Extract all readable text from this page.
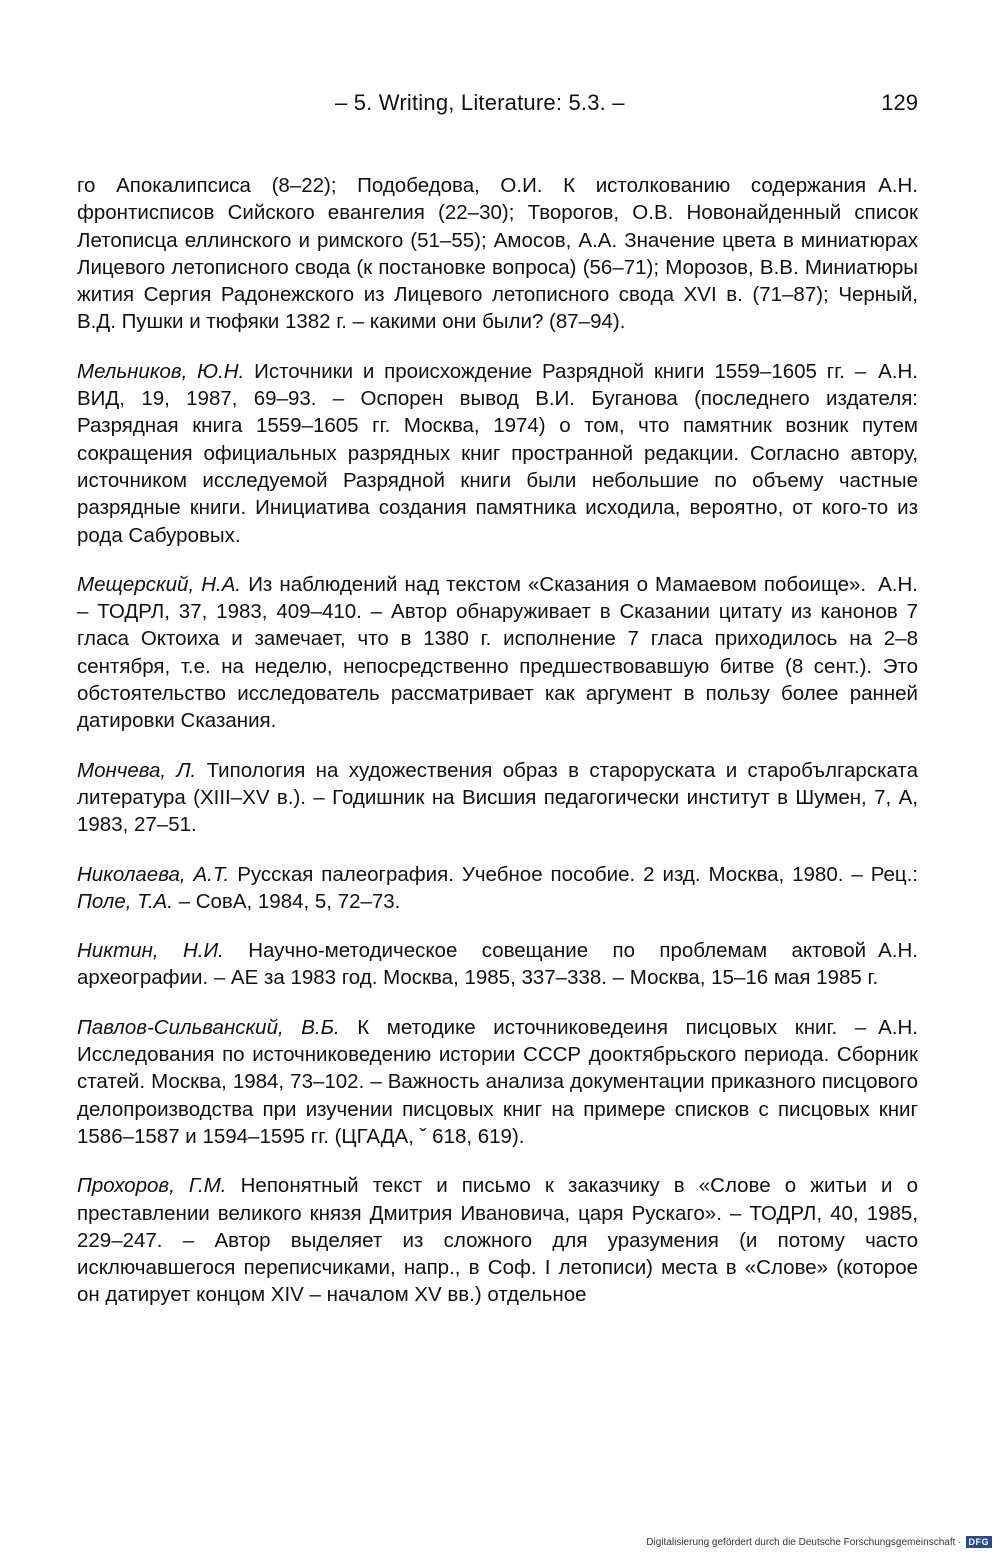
– 5. Writing, Literature: 5.3. –	129

А.Н.
го Апокалипсиса (8–22); Подобедова, О.И. К истолкованию содержания фронтисписов Сийского евангелия (22–30); Творогов, О.В. Новонайденный список Летописца еллинского и римского (51–55); Амосов, А.А. Значение цвета в миниатюрах Лицевого летописного свода (к постановке вопроса) (56–71); Морозов, В.В. Миниатюры жития Сергия Радонежского из Лицевого летописного свода XVI в. (71–87); Черный, В.Д. Пушки и тюфяки 1382 г. – какими они были? (87–94).

А.Н.
Мельников, Ю.Н. Источники и происхождение Разрядной книги 1559–1605 гг. – ВИД, 19, 1987, 69–93. – Оспорен вывод В.И. Буганова (последнего издателя: Разрядная книга 1559–1605 гг. Москва, 1974) о том, что памятник возник путем сокращения официальных разрядных книг пространной редакции. Согласно автору, источником исследуемой Разрядной книги были небольшие по объему частные разрядные книги. Инициатива создания памятника исходила, вероятно, от кого-то из рода Сабуровых.

А.Н.
Мещерский, Н.А. Из наблюдений над текстом «Сказания о Мамаевом побоище». – ТОДРЛ, 37, 1983, 409–410. – Автор обнаруживает в Сказании цитату из канонов 7 гласа Октоиха и замечает, что в 1380 г. исполнение 7 гласа приходилось на 2–8 сентября, т.е. на неделю, непосредственно предшествовавшую битве (8 сент.). Это обстоятельство исследователь рассматривает как аргумент в пользу более ранней датировки Сказания.

Мончева, Л. Типология на художествения образ в староруската и старобългарската литература (XIII–XV в.). – Годишник на Висшия педагогически институт в Шумен, 7, А, 1983, 27–51.

Николаева, А.Т. Русская палеография. Учебное пособие. 2 изд. Москва, 1980. – Рец.: Поле, Т.А. – СовА, 1984, 5, 72–73.

А.Н.
Никтин, Н.И. Научно-методическое совещание по проблемам актовой археографии. – АЕ за 1983 год. Москва, 1985, 337–338. – Москва, 15–16 мая 1985 г.

А.Н.
Павлов-Сильванский, В.Б. К методике источниковедеиня писцовых книг. – Исследования по источниковедению истории СССР доoктябрьского периода. Сборник статей. Москва, 1984, 73–102. – Важность анализа документации приказного писцового делопроизводства при изучении писцовых книг на примере списков с писцовых книг 1586–1587 и 1594–1595 гг. (ЦГАДА, ˇ 618, 619).

Прохоров, Г.М. Непонятный текст и письмо к заказчику в «Слове о житьи и о преставлении великого князя Дмитрия Ивановича, царя Рускаго». – ТОДРЛ, 40, 1985, 229–247. – Автор выделяет из сложного для уразумения (и потому часто исключавшегося переписчиками, напр., в Соф. I летописи) места в «Слове» (которое он датирует концом XIV – началом XV вв.) отдельное

Digitalisierung gefördert durch die Deutsche Forschungsgemeinschaft · DFG
